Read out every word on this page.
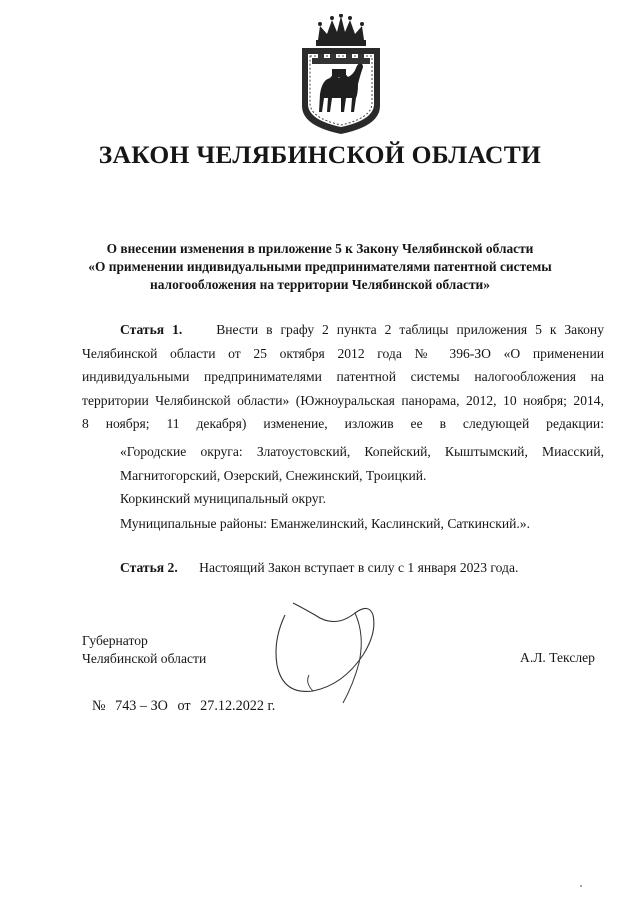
ЗАКОН ЧЕЛЯБИНСКОЙ ОБЛАСТИ
О внесении изменения в приложение 5 к Закону Челябинской области
«О применении индивидуальными предпринимателями патентной системы
налогообложения на территории Челябинской области»
Статья 1. Внести в графу 2 пункта 2 таблицы приложения 5 к Закону
Челябинской области от 25 октября 2012 года № 396-ЗО «О применении
индивидуальными предпринимателями патентной системы налогообложения на
территории Челябинской области» (Южноуральская панорама, 2012, 10 ноября; 2014,
8 ноября; 11 декабря) изменение, изложив ее в следующей редакции:
«Городские округа: Златоустовский, Копейский, Кыштымский, Миасский,
Магнитогорский, Озерский, Снежинский, Троицкий.
Коркинский муниципальный округ.
Муниципальные районы: Еманжелинский, Каслинский, Саткинский.».
Статья 2. Настоящий Закон вступает в силу с 1 января 2023 года.
Губернатор
Челябинской области	А.Л. Текслер
№ 743 – ЗО от 27.12.2022 г.
